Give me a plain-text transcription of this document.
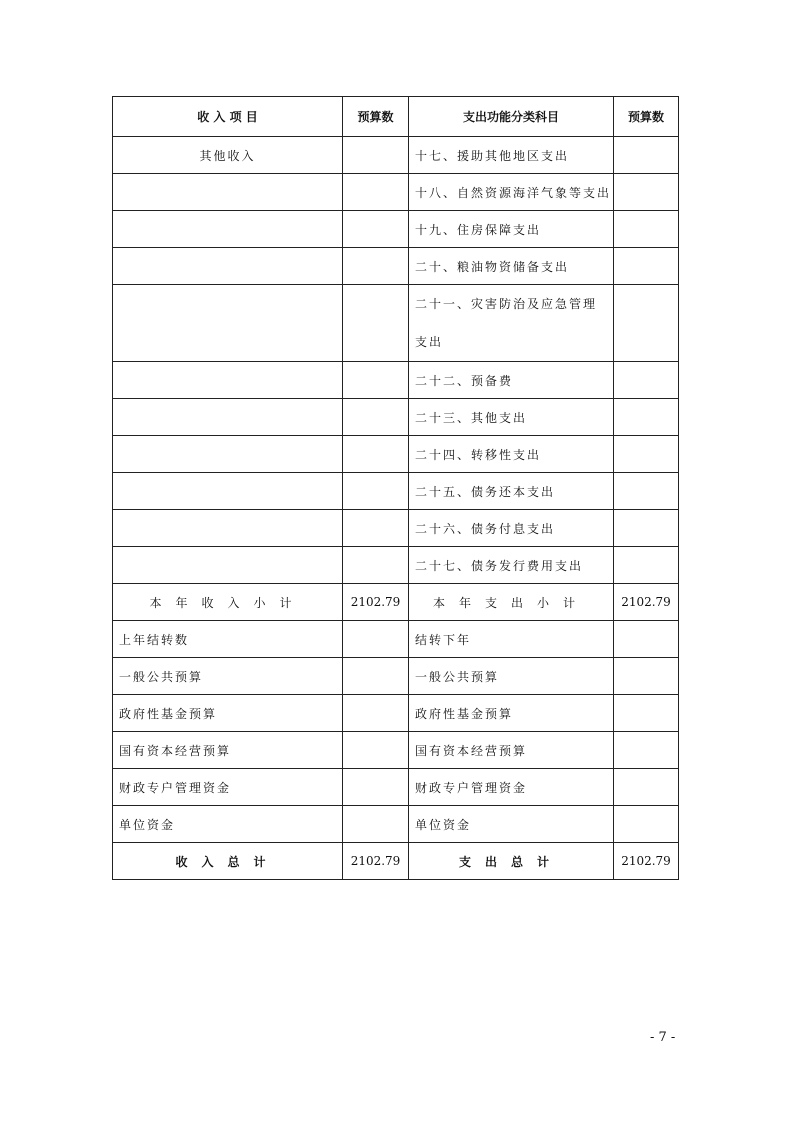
收 入 项 目	预算数	支出功能分类科目	预算数
其他收入		十七、援助其他地区支出	
		十八、自然资源海洋气象等支出	
		十九、住房保障支出	
		二十、粮油物资储备支出	
		二十一、灾害防治及应急管理支出	
		二十二、预备费	
		二十三、其他支出	
		二十四、转移性支出	
		二十五、债务还本支出	
		二十六、债务付息支出	
		二十七、债务发行费用支出	
本年收入小计	2102.79	本年支出小计	2102.79
上年结转数		结转下年	
一般公共预算		一般公共预算	
政府性基金预算		政府性基金预算	
国有资本经营预算		国有资本经营预算	
财政专户管理资金		财政专户管理资金	
单位资金		单位资金	
收入总计	2102.79	支出总计	2102.79
- 7 -
